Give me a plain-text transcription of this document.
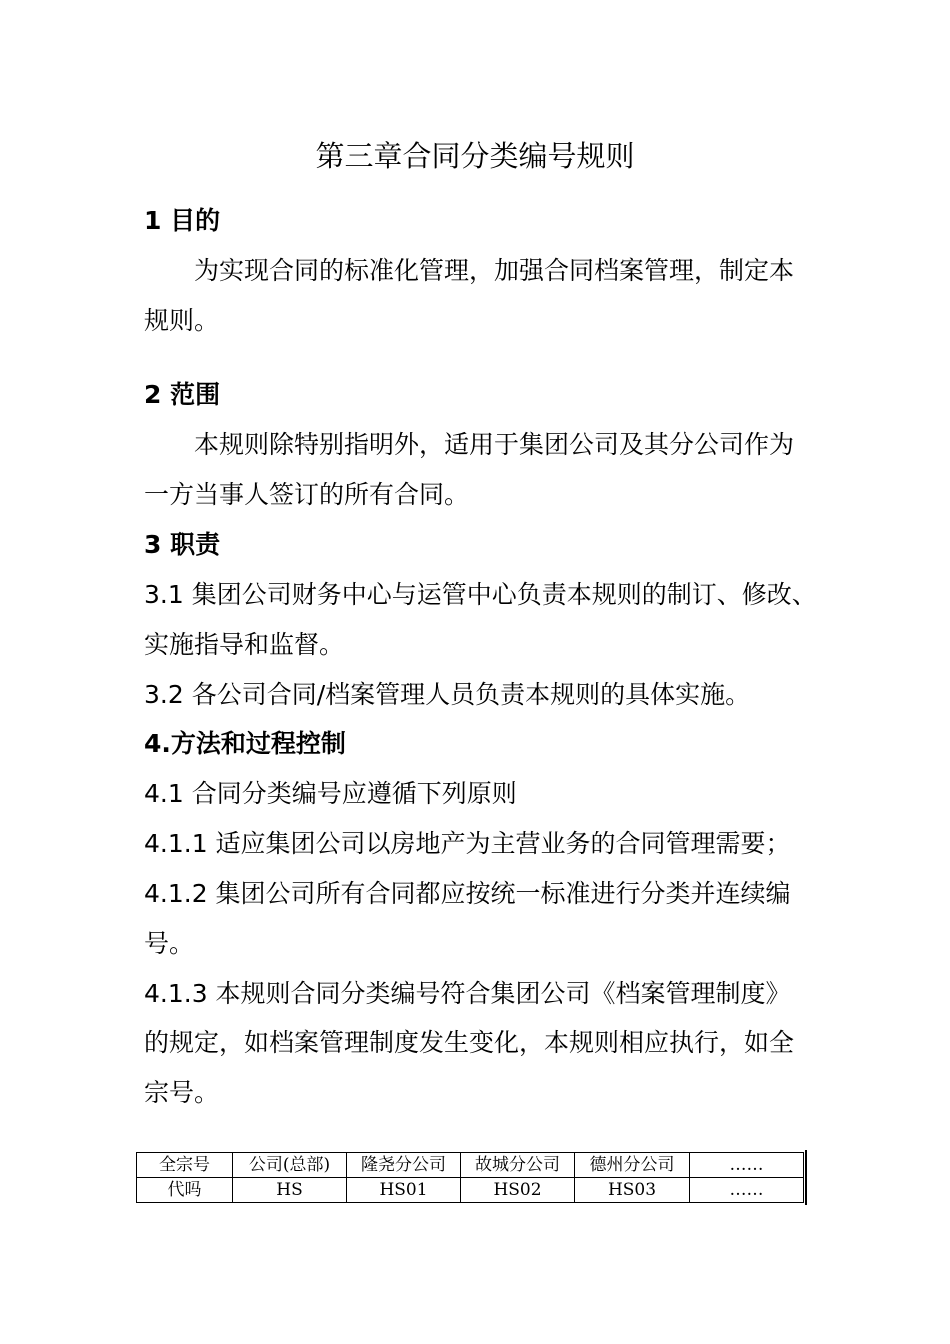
第三章合同分类编号规则
1 目的
为实现合同的标准化管理，加强合同档案管理，制定本
规则。
2 范围
本规则除特别指明外，适用于集团公司及其分公司作为
一方当事人签订的所有合同。
3 职责
3.1 集团公司财务中心与运管中心负责本规则的制订、修改、
实施指导和监督。
3.2 各公司合同/档案管理人员负责本规则的具体实施。
4.方法和过程控制
4.1 合同分类编号应遵循下列原则
4.1.1 适应集团公司以房地产为主营业务的合同管理需要；
4.1.2 集团公司所有合同都应按统一标准进行分类并连续编
号。
4.1.3 本规则合同分类编号符合集团公司《档案管理制度》
的规定，如档案管理制度发生变化，本规则相应执行，如全
宗号。
全宗号	公司(总部)	隆尧分公司	故城分公司	德州分公司	……
代吗	HS	HS01	HS02	HS03	……
